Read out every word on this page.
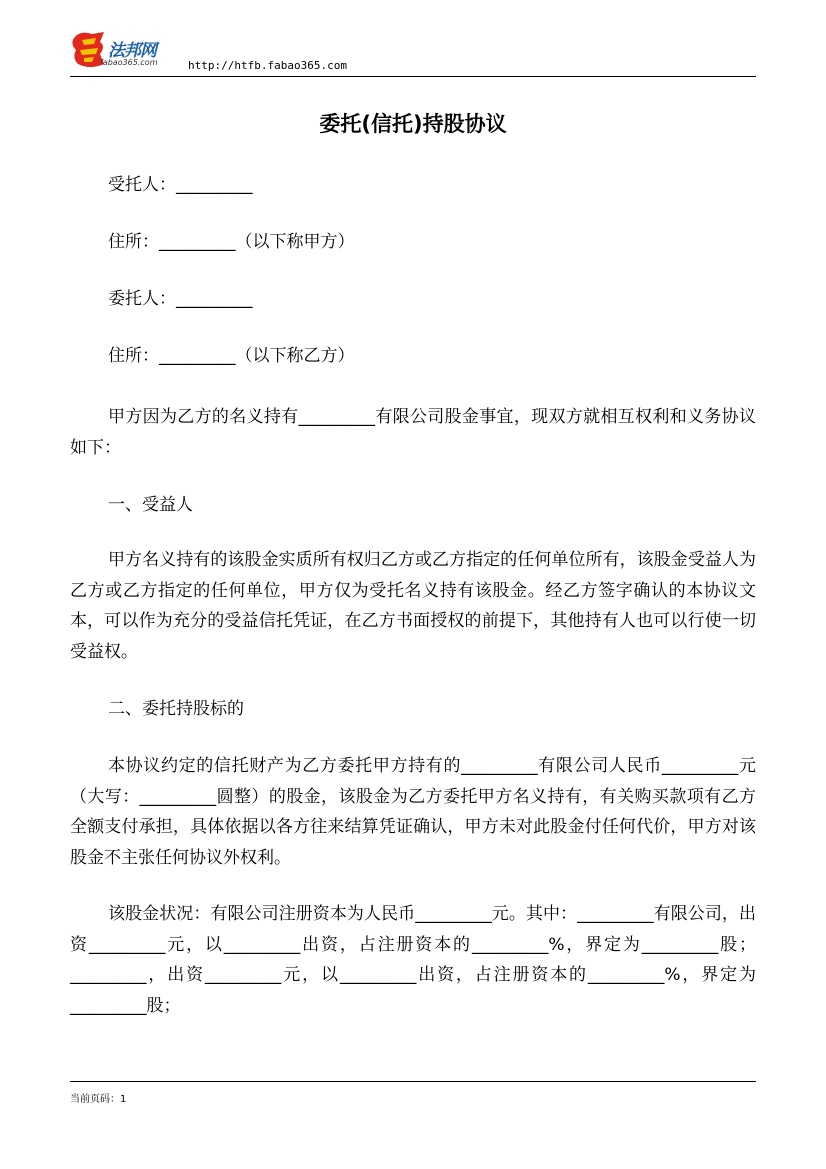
法邦网
fabao365.com	http://htfb.fabao365.com
委托(信托)持股协议

受托人：_________

住所：_________（以下称甲方）

委托人：_________

住所：_________（以下称乙方）

甲方因为乙方的名义持有_________有限公司股金事宜，现双方就相互权利和义务协议如下：

一、受益人

甲方名义持有的该股金实质所有权归乙方或乙方指定的任何单位所有，该股金受益人为乙方或乙方指定的任何单位，甲方仅为受托名义持有该股金。经乙方签字确认的本协议文本，可以作为充分的受益信托凭证，在乙方书面授权的前提下，其他持有人也可以行使一切受益权。

二、委托持股标的

本协议约定的信托财产为乙方委托甲方持有的_________有限公司人民币_________元（大写：_________圆整）的股金，该股金为乙方委托甲方名义持有，有关购买款项有乙方全额支付承担，具体依据以各方往来结算凭证确认，甲方未对此股金付任何代价，甲方对该股金不主张任何协议外权利。

该股金状况：有限公司注册资本为人民币_________元。其中：_________有限公司，出资_________元，以_________出资，占注册资本的_________%，界定为_________股；_________，出资_________元，以_________出资，占注册资本的_________%，界定为_________股；

当前页码：1
